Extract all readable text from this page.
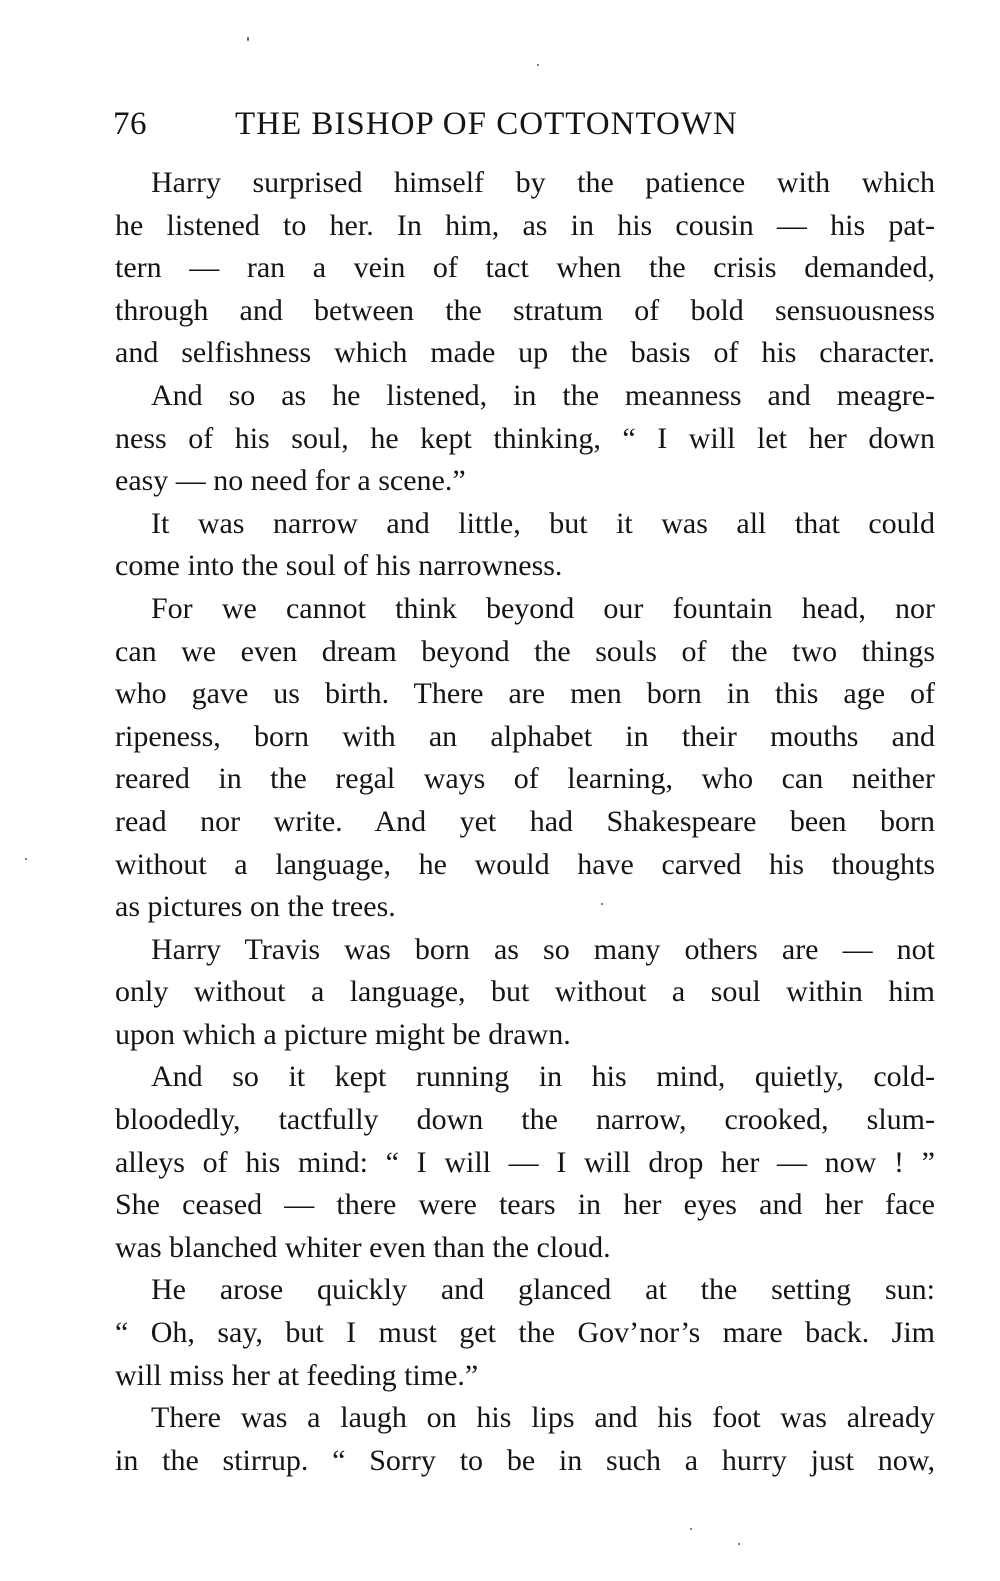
76	THE BISHOP OF COTTONTOWN
Harry surprised himself by the patience with which
he listened to her. In him, as in his cousin — his pat-
tern — ran a vein of tact when the crisis demanded,
through and between the stratum of bold sensuousness
and selfishness which made up the basis of his character.
And so as he listened, in the meanness and meagre-
ness of his soul, he kept thinking, “ I will let her down
easy — no need for a scene.”
It was narrow and little, but it was all that could
come into the soul of his narrowness.
For we cannot think beyond our fountain head, nor
can we even dream beyond the souls of the two things
who gave us birth. There are men born in this age of
ripeness, born with an alphabet in their mouths and
reared in the regal ways of learning, who can neither
read nor write. And yet had Shakespeare been born
without a language, he would have carved his thoughts
as pictures on the trees.
Harry Travis was born as so many others are — not
only without a language, but without a soul within him
upon which a picture might be drawn.
And so it kept running in his mind, quietly, cold-
bloodedly, tactfully down the narrow, crooked, slum-
alleys of his mind: “ I will — I will drop her — now ! ”
She ceased — there were tears in her eyes and her face
was blanched whiter even than the cloud.
He arose quickly and glanced at the setting sun:
“ Oh, say, but I must get the Gov’nor’s mare back. Jim
will miss her at feeding time.”
There was a laugh on his lips and his foot was already
in the stirrup. “ Sorry to be in such a hurry just now,
